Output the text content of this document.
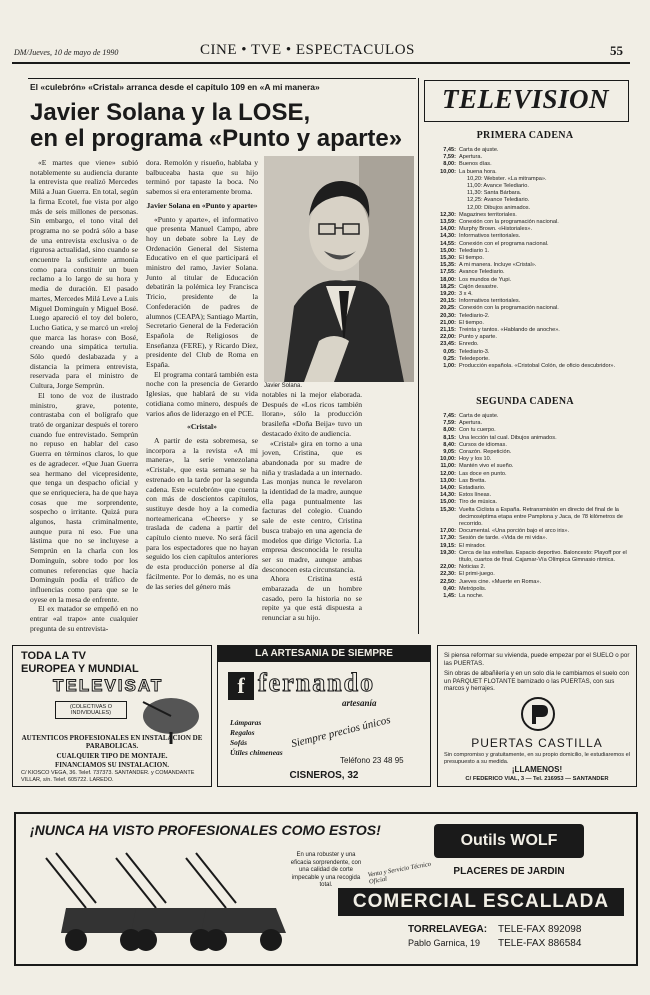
DM/Jueves, 10 de mayo de 1990	CINE • TVE • ESPECTACULOS	55
El «culebrón» «Cristal» arranca desde el capítulo 109 en «A mi manera»
Javier Solana y la LOSE,
en el programa «Punto y aparte»

«E martes que viene» subió notablemente su audiencia durante la entrevista que realizó Mercedes Milá a Juan Guerra. En total, según la firma Ecotel, fue vista por algo más de seis millones de personas. Sin embargo, el tono vital del programa no se podrá sólo a base de una entrevista exclusiva o de rigurosa actualidad, sino cuando se encuentre la suficiente armonía como para constituir un buen reclamo a lo largo de su hora y media de duración. El pasado martes, Mercedes Milá Leve a Luis Miguel Dominguín y Miguel Bosé. Luego apareció el toy del bolero, Lucho Gatica, y se marcó un «reloj que marca las horas» con Bosé, creando una simpática tertulia. Sólo quedó deslabazada y a distancia la primera entrevista, reservada para el ministro de Cultura, Jorge Semprún.

El tono de voz de ilustrado ministro, grave, potente, contrastaba con el bolígrafo que trató de organizar después el torero cuando fue entrevistado. Semprún no repuso en hablar del caso Guerra en términos claros, lo que es de agradecer. «Que Juan Guerra sea hermano del vicepresidente, que tenga un despacho oficial y que se enriqueciera, ha de que haya cosas que me sorprendente, sospecho o irritante. Quizá pura algunos, hasta criminalmente, aunque pura ni eso. Fue una lástima que no se incluyese a Semprún en la charla con los Dominguín, sobre todo por los comunes referencias que hacía Dominguín podía el tráfico de influencias como para que se le oyese en la mesa de enfrente.

El ex matador se empeñó en no entrar «al trapo» ante cualquier pregunta de su entrevista-

dora. Remolón y risueño, hablaba y balbuceaba hasta que su hijo terminó por tapaste la boca. No sabemos si era enteramente broma.

Javier Solana en «Punto y aparte»

«Punto y aparte», el informativo que presenta Manuel Campo, abre hoy un debate sobre la Ley de Ordenación General del Sistema Educativo en el que participará el ministro del ramo, Javier Solana. Junto al titular de Educación debatirán la polémica ley Francisca Tricio, presidente de la Confederación de padres de alumnos (CEAPA); Santiago Martín, Secretario General de la Federación Española de Religiosos de Enseñanza (FERE), y Ricardo Díez, presidente del Club de Roma en España.

El programa contará también esta noche con la presencia de Gerardo Iglesias, que hablará de su vida cotidiana como minero, después de varios años de liderazgo en el PCE.

«Cristal»

A partir de esta sobremesa, se incorpora a la revista «A mi manera», la serie venezolana «Cristal», que esta semana se ha estrenado en la tarde por la segunda cadena. Este «culebrón» que cuenta con más de doscientos capítulos, sustituye desde hoy a la comedia norteamericana «Cheers» y se traslada de cadena a partir del capítulo ciento nueve. No será fácil para los espectadores que no hayan seguido los cien capítulos anteriores de esta producción ponerse al día fácilmente. Por lo demás, no es una de las series del género más

Javier Solana.

notables ni la mejor elaborada. Después de «Los ricos también lloran», sólo la producción brasileña «Doña Beija» tuvo un destacado éxito de audiencia.

«Cristal» gira en torno a una joven, Cristina, que es abandonada por su madre de niña y trasladada a un internado. Las monjas nunca le revelaron la identidad de la madre, aunque ella paga puntualmente las facturas del colegio. Cuando sale de este centro, Cristina busca trabajo en una agencia de modelos que dirige Victoria. La empresa desconocida le resulta ser su madre, aunque ambas desconocen esta circunstancia.

Ahora Cristina está embarazada de un hombre casado, pero la historia no se repite ya que está dispuesta a renunciar a su hijo.

TELEVISION
PRIMERA CADENA
7,45: Carta de ajuste.
7,59: Apertura.
8,00: Buenos días.
10,00: La buena hora.
10,20: Webster. «La mitrampa».
11,00: Avance Telediario.
11,30: Santa Bárbara.
12,25: Avance Telediario.
12,00: Dibujos animados.
12,30: Magazines territoriales.
13,59: Conexión con la programación nacional.
14,00: Murphy Brown. «Historiales».
14,30: Informativos territoriales.
14,55: Conexión con el programa nacional.
15,00: Telediario 1.
15,30: El tiempo.
15,35: A mi manera. Incluye «Cristal».
17,55: Avance Telediario.
18,00: Los mundos de Yupi.
18,25: Cajón desastre.
19,20: 3 x 4.
20,15: Informativos territoriales.
20,25: Conexión con la programación nacional.
20,30: Telediario-2.
21,00: El tiempo.
21,15: Treinta y tantos. «Hablando de anoche».
22,00: Punto y aparte.
23,45: Enredo.
0,05: Telediario-3.
0,25: Teledeporte.
1,00: Producción española. «Cristobal Colón, de oficio descubridor».
SEGUNDA CADENA
7,45: Carta de ajuste.
7,59: Apertura.
8,00: Con tu cuerpo.
8,15: Una lección tal cual. Dibujos animados.
8,40: Cursos de idiomas.
9,05: Corazón. Repetición.
10,00: Hoy y los 10.
11,00: Mantén vivo el sueño.
12,00: Las doce en punto.
13,00: Las Bretta.
14,00: Estadiario.
14,30: Estos líneas.
15,00: Tiro de música.
15,30: Vuelta Ciclista a España. Retransmisión en directo del final de la decimoséptima etapa entre Pamplona y Jaca, de 78 kilómetros de recorrido.
17,00: Documental. «Una porción bajo el arco iris».
17,30: Sesión de tarde. «Vida de mi vida».
19,15: El mirador.
19,30: Cerca de las estrellas. Espacio deportivo. Baloncesto: Playoff por el título, cuartos de final. Cajamar-Vía Olímpica Gimnasio ritmica.
22,00: Noticias 2.
22,30: El primi-juego.
22,50: Jueves cine. «Muerte en Roma».
0,40: Metrópolis.
1,45: La noche.
TODA LA TV
EUROPEA Y MUNDIAL
TELEVISAT
(COLECTIVAS O INDIVIDUALES)
AUTENTICOS PROFESIONALES EN INSTALACION DE PARABOLICAS.
CUALQUIER TIPO DE MONTAJE.
FINANCIAMOS SU INSTALACION.
C/ KIOSCO VEGA, 36. Telef. 737373. SANTANDER. y COMANDANTE VILLAR, s/n. Telef. 605722. LAREDO.
LA ARTESANIA DE SIEMPRE
f fernando
artesanía
Lámparas
Regalos
Sofás
Útiles chimeneas
Siempre precios únicos
Teléfono 23 48 95
CISNEROS, 32
Si piensa reformar su vivienda, puede empezar por el SUELO o por las PUERTAS.
Sin obras de albañilería y en un solo día le cambiamos el suelo con un PARQUET FLOTANTE barnizado o las PUERTAS, con sus marcos y herrajes.
PUERTAS CASTILLA
Sin compromiso y gratuitamente, en su propio domicilio, le estudiaremos el presupuesto a su medida.
¡LLAMENOS!
C/ FEDERICO VIAL, 3 — Tel. 216953 — SANTANDER
¡NUNCA HA VISTO PROFESIONALES COMO ESTOS!
En una robuster y una eficacia sorprendente, con una calidad de corte impecable y una recogida total.
Venta y Servicio Técnico Oficial
Outils WOLF
PLACERES DE JARDIN
COMERCIAL ESCALLADA
TORRELAVEGA:
Pablo Garnica, 19
TELE-FAX 892098
TELE-FAX 886584
